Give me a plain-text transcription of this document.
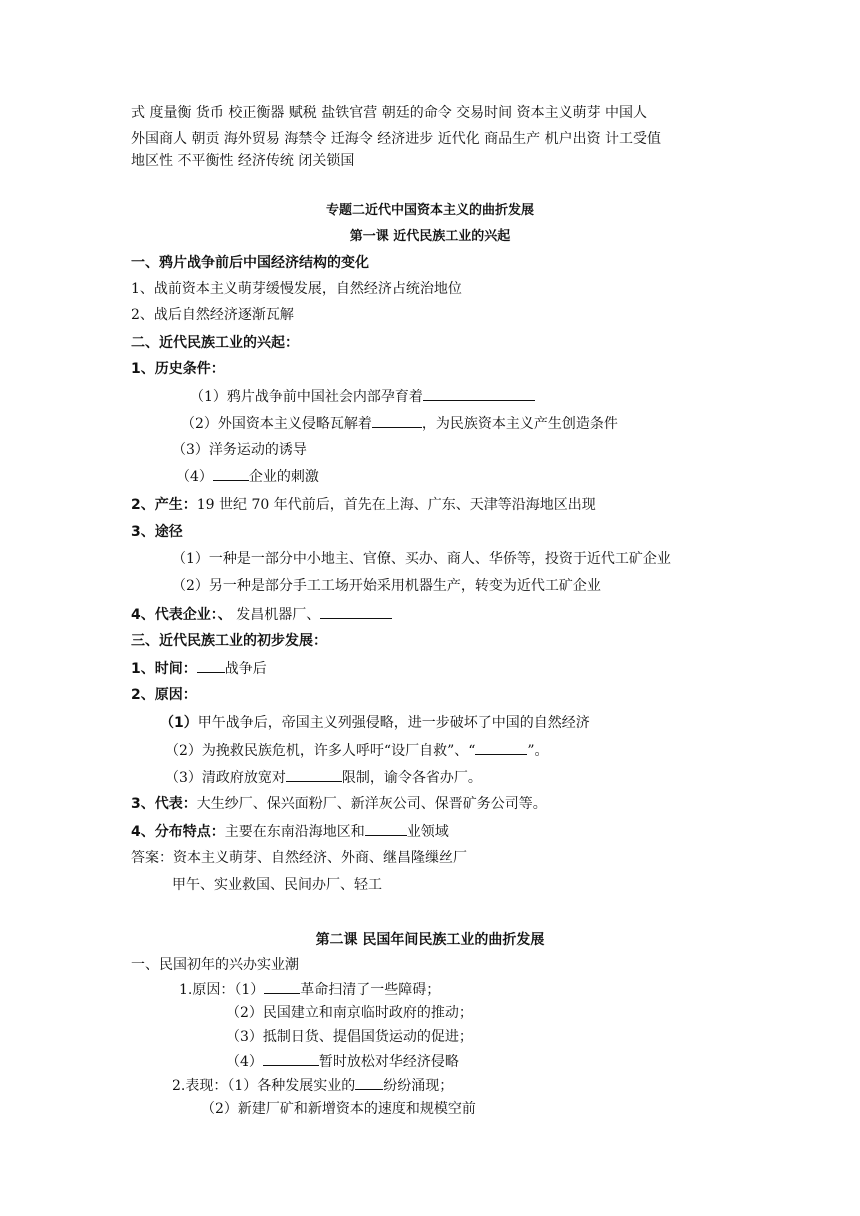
式 度量衡 货币 校正衡器 赋税 盐铁官营 朝廷的命令 交易时间 资本主义萌芽 中国人
外国商人 朝贡 海外贸易 海禁令 迁海令 经济进步 近代化 商品生产 机户出资 计工受值
地区性 不平衡性 经济传统 闭关锁国
专题二近代中国资本主义的曲折发展
第一课 近代民族工业的兴起
一、鸦片战争前后中国经济结构的变化
1、战前资本主义萌芽缓慢发展，自然经济占统治地位
2、战后自然经济逐渐瓦解
二、近代民族工业的兴起：
1、历史条件：
（1）鸦片战争前中国社会内部孕育着
（2）外国资本主义侵略瓦解着	，为民族资本主义产生创造条件
（3）洋务运动的诱导
（4）	企业的刺激
2、产生：19 世纪 70 年代前后，首先在上海、广东、天津等沿海地区出现
3、途径
（1）一种是一部分中小地主、官僚、买办、商人、华侨等，投资于近代工矿企业
（2）另一种是部分手工工场开始采用机器生产，转变为近代工矿企业
4、代表企业：、 发昌机器厂、
三、近代民族工业的初步发展：
1、时间： 战争后
2、原因：
（1）甲午战争后，帝国主义列强侵略，进一步破坏了中国的自然经济
（2）为挽救民族危机，许多人呼吁“设厂自救”、“	”。
（3）清政府放宽对	限制，谕令各省办厂。
3、代表：大生纱厂、保兴面粉厂、新洋灰公司、保晋矿务公司等。
4、分布特点：主要在东南沿海地区和	业领域
答案：资本主义萌芽、自然经济、外商、继昌隆缫丝厂
甲午、实业救国、民间办厂、轻工
第二课 民国年间民族工业的曲折发展
一、民国初年的兴办实业潮
1.原因：（1）	革命扫清了一些障碍；
（2）民国建立和南京临时政府的推动；
（3）抵制日货、提倡国货运动的促进；
（4）	暂时放松对华经济侵略
2.表现：（1）各种发展实业的 纷纷涌现；
（2）新建厂矿和新增资本的速度和规模空前
